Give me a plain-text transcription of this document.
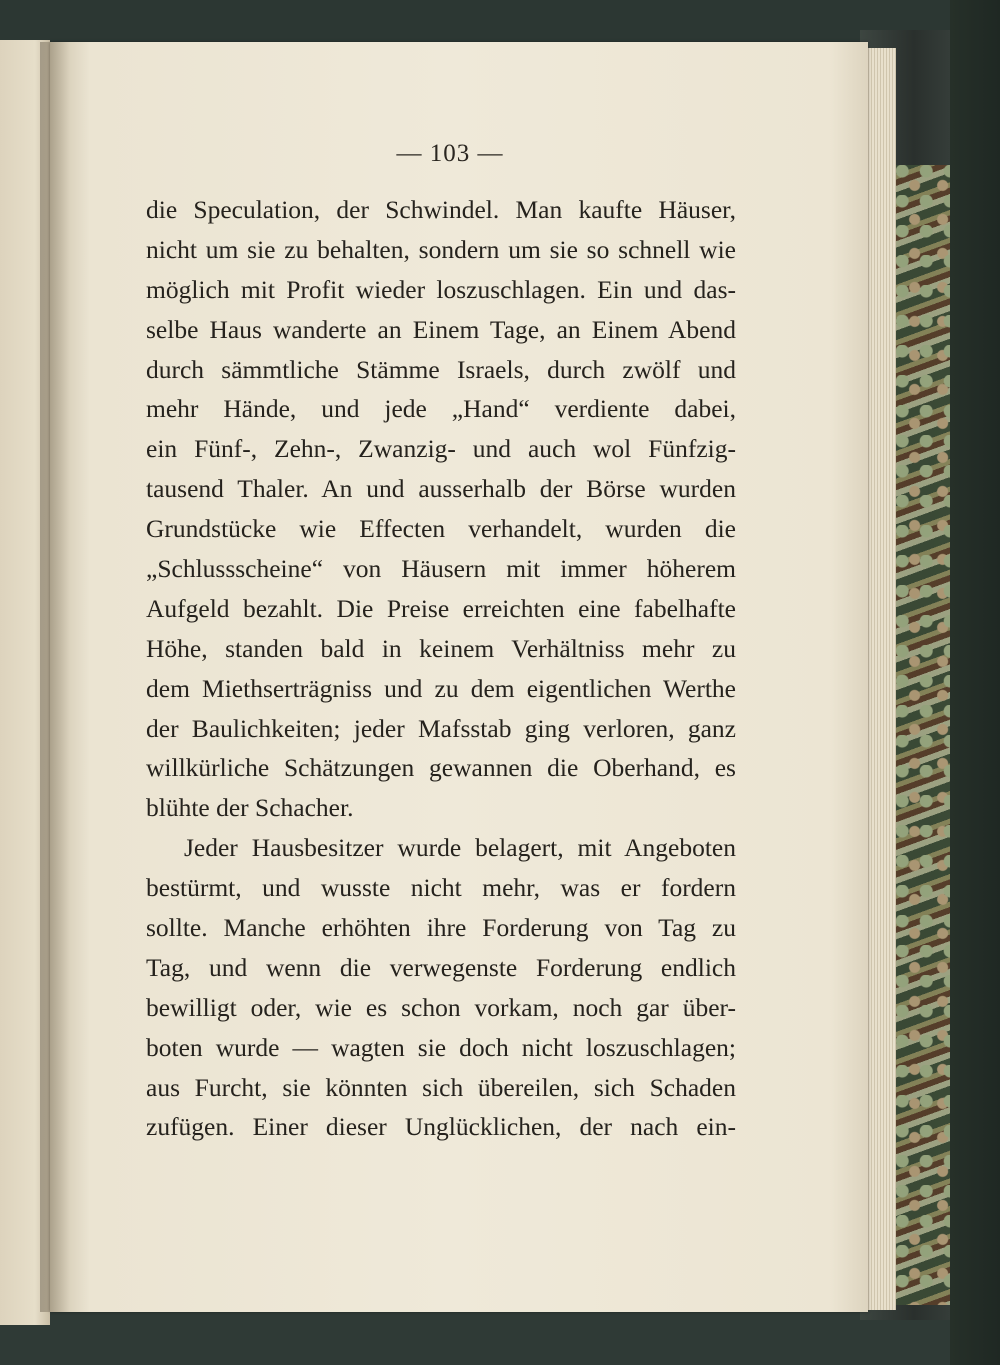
— 103 —
die Speculation, der Schwindel. Man kaufte Häuser,
nicht um sie zu behalten, sondern um sie so schnell wie
möglich mit Profit wieder loszuschlagen. Ein und das-
selbe Haus wanderte an Einem Tage, an Einem Abend
durch sämmtliche Stämme Israels, durch zwölf und
mehr Hände, und jede „Hand“ verdiente dabei,
ein Fünf-, Zehn-, Zwanzig- und auch wol Fünfzig-
tausend Thaler. An und ausserhalb der Börse wurden
Grundstücke wie Effecten verhandelt, wurden die
„Schlussscheine“ von Häusern mit immer höherem
Aufgeld bezahlt. Die Preise erreichten eine fabelhafte
Höhe, standen bald in keinem Verhältniss mehr zu
dem Miethserträgniss und zu dem eigentlichen Werthe
der Baulichkeiten; jeder Mafsstab ging verloren, ganz
willkürliche Schätzungen gewannen die Oberhand, es
blühte der Schacher.
Jeder Hausbesitzer wurde belagert, mit Angeboten
bestürmt, und wusste nicht mehr, was er fordern
sollte. Manche erhöhten ihre Forderung von Tag zu
Tag, und wenn die verwegenste Forderung endlich
bewilligt oder, wie es schon vorkam, noch gar über-
boten wurde — wagten sie doch nicht loszuschlagen;
aus Furcht, sie könnten sich übereilen, sich Schaden
zufügen. Einer dieser Unglücklichen, der nach ein-
